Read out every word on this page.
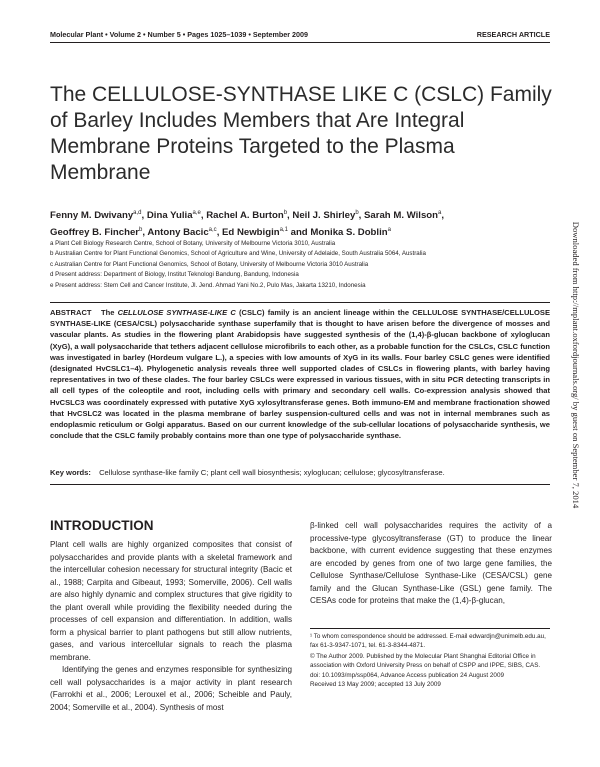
Molecular Plant • Volume 2 • Number 5 • Pages 1025–1039 • September 2009	RESEARCH ARTICLE
The CELLULOSE-SYNTHASE LIKE C (CSLC) Family of Barley Includes Members that Are Integral Membrane Proteins Targeted to the Plasma Membrane
Fenny M. Dwivany$^{a,d}$, Dina Yulia$^{a,e}$, Rachel A. Burton$^b$, Neil J. Shirley$^b$, Sarah M. Wilson$^a$,
Geoffrey B. Fincher$^b$, Antony Bacic$^{a,c}$, Ed Newbigin$^{a,1}$ and Monika S. Doblin$^a$
a Plant Cell Biology Research Centre, School of Botany, University of Melbourne Victoria 3010, Australia
b Australian Centre for Plant Functional Genomics, School of Agriculture and Wine, University of Adelaide, South Australia 5064, Australia
c Australian Centre for Plant Functional Genomics, School of Botany, University of Melbourne Victoria 3010 Australia
d Present address: Department of Biology, Institut Teknologi Bandung, Bandung, Indonesia
e Present address: Stem Cell and Cancer Institute, Jl. Jend. Ahmad Yani No.2, Pulo Mas, Jakarta 13210, Indonesia
ABSTRACT The CELLULOSE SYNTHASE-LIKE C (CSLC) family is an ancient lineage within the CELLULOSE SYNTHASE/CELLULOSE SYNTHASE-LIKE (CESA/CSL) polysaccharide synthase superfamily that is thought to have arisen before the divergence of mosses and vascular plants. As studies in the flowering plant Arabidopsis have suggested synthesis of the (1,4)-β-glucan backbone of xyloglucan (XyG), a wall polysaccharide that tethers adjacent cellulose microfibrils to each other, as a probable function for the CSLCs, CSLC function was investigated in barley (Hordeum vulgare L.), a species with low amounts of XyG in its walls. Four barley CSLC genes were identified (designated HvCSLC1–4). Phylogenetic analysis reveals three well supported clades of CSLCs in flowering plants, with barley having representatives in two of these clades. The four barley CSLCs were expressed in various tissues, with in situ PCR detecting transcripts in all cell types of the coleoptile and root, including cells with primary and secondary cell walls. Co-expression analysis showed that HvCSLC3 was coordinately expressed with putative XyG xylosyltransferase genes. Both immuno-EM and membrane fractionation showed that HvCSLC2 was located in the plasma membrane of barley suspension-cultured cells and was not in internal membranes such as endoplasmic reticulum or Golgi apparatus. Based on our current knowledge of the sub-cellular locations of polysaccharide synthesis, we conclude that the CSLC family probably contains more than one type of polysaccharide synthase.
Key words: Cellulose synthase-like family C; plant cell wall biosynthesis; xyloglucan; cellulose; glycosyltransferase.	Downloaded from http://mplant.oxfordjournals.org/ by guest on September 7, 2014
INTRODUCTION

Plant cell walls are highly organized composites that consist of polysaccharides and provide plants with a skeletal framework and the intercellular cohesion necessary for structural integrity (Bacic et al., 1988; Carpita and Gibeaut, 1993; Somerville, 2006). Cell walls are also highly dynamic and complex structures that give rigidity to the plant overall while providing the flexibility needed during the processes of cell expansion and differentiation. In addition, walls form a physical barrier to plant pathogens but still allow nutrients, gases, and various intercellular signals to reach the plasma membrane.

Identifying the genes and enzymes responsible for synthesizing cell wall polysaccharides is a major activity in plant research (Farrokhi et al., 2006; Lerouxel et al., 2006; Scheible and Pauly, 2004; Somerville et al., 2004). Synthesis of most

β-linked cell wall polysaccharides requires the activity of a processive-type glycosyltransferase (GT) to produce the linear backbone, with current evidence suggesting that these enzymes are encoded by genes from one of two large gene families, the Cellulose Synthase/Cellulose Synthase-Like (CESA/CSL) gene family and the Glucan Synthase-Like (GSL) gene family. The CESAs code for proteins that make the (1,4)-β-glucan,

¹ To whom correspondence should be addressed. E-mail edwardjn@unimelb.edu.au, fax 61-3-9347-1071, tel. 61-3-8344-4871.

© The Author 2009. Published by the Molecular Plant Shanghai Editorial Office in association with Oxford University Press on behalf of CSPP and IPPE, SIBS, CAS.

doi: 10.1093/mp/ssp064, Advance Access publication 24 August 2009

Received 13 May 2009; accepted 13 July 2009
